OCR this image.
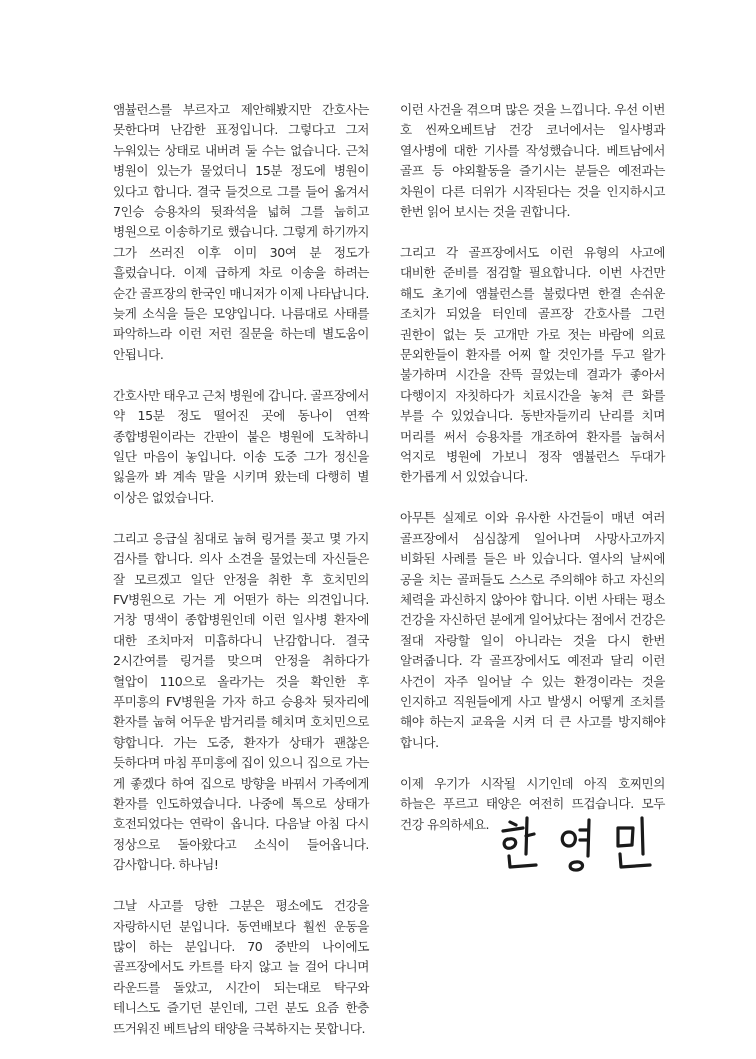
앰뷸런스를 부르자고 제안해봤지만 간호사는 못한다며 난감한 표정입니다. 그렇다고 그저 누워있는 상태로 내버려 둘 수는 없습니다. 근처 병원이 있는가 물었더니 15분 정도에 병원이 있다고 합니다. 결국 들것으로 그를 들어 옮겨서 7인승 승용차의 뒷좌석을 넓혀 그를 눕히고 병원으로 이송하기로 했습니다. 그렇게 하기까지 그가 쓰러진 이후 이미 30여 분 정도가 흘렀습니다. 이제 급하게 차로 이송을 하려는 순간 골프장의 한국인 매니저가 이제 나타납니다. 늦게 소식을 들은 모양입니다. 나름대로 사태를 파악하느라 이런 저런 질문을 하는데 별도움이 안됩니다.

간호사만 태우고 근처 병원에 갑니다. 골프장에서 약 15분 정도 떨어진 곳에 동나이 연짝 종합병원이라는 간판이 붙은 병원에 도착하니 일단 마음이 놓입니다. 이송 도중 그가 정신을 잃을까 봐 계속 말을 시키며 왔는데 다행히 별 이상은 없었습니다.

그리고 응급실 침대로 눕혀 링거를 꽂고 몇 가지 검사를 합니다. 의사 소견을 물었는데 자신들은 잘 모르겠고 일단 안정을 취한 후 호치민의 FV병원으로 가는 게 어떤가 하는 의견입니다. 거창 명색이 종합병원인데 이런 일사병 환자에 대한 조치마저 미흡하다니 난감합니다. 결국 2시간여를 링거를 맞으며 안정을 취하다가 혈압이 110으로 올라가는 것을 확인한 후 푸미흥의 FV병원을 가자 하고 승용차 뒷자리에 환자를 눕혀 어두운 밤거리를 헤치며 호치민으로 향합니다. 가는 도중, 환자가 상태가 괜찮은 듯하다며 마침 푸미흥에 집이 있으니 집으로 가는 게 좋겠다 하여 집으로 방향을 바꿔서 가족에게 환자를 인도하였습니다. 나중에 톡으로 상태가 호전되었다는 연락이 옵니다. 다음날 아침 다시 정상으로 돌아왔다고 소식이 들어옵니다. 감사합니다. 하나님!

그날 사고를 당한 그분은 평소에도 건강을 자랑하시던 분입니다. 동연배보다 훨씬 운동을 많이 하는 분입니다. 70 중반의 나이에도 골프장에서도 카트를 타지 않고 늘 걸어 다니며 라운드를 돌았고, 시간이 되는대로 탁구와 테니스도 즐기던 분인데, 그런 분도 요즘 한층 뜨거워진 베트남의 태양을 극복하지는 못합니다.

이런 사건을 겪으며 많은 것을 느낍니다. 우선 이번 호 씬짜오베트남 건강 코너에서는 일사병과 열사병에 대한 기사를 작성했습니다. 베트남에서 골프 등 야외활동을 즐기시는 분들은 예전과는 차원이 다른 더위가 시작된다는 것을 인지하시고 한번 읽어 보시는 것을 권합니다.

그리고 각 골프장에서도 이런 유형의 사고에 대비한 준비를 점검할 필요합니다. 이번 사건만 해도 초기에 앰뷸런스를 불렀다면 한결 손쉬운 조치가 되었을 터인데 골프장 간호사를 그런 권한이 없는 듯 고개만 가로 젓는 바람에 의료 문외한들이 환자를 어찌 할 것인가를 두고 왈가 불가하며 시간을 잔뜩 끌었는데 결과가 좋아서 다행이지 자칫하다가 치료시간을 놓쳐 큰 화를 부를 수 있었습니다. 동반자들끼리 난리를 치며 머리를 써서 승용차를 개조하여 환자를 눕혀서 억지로 병원에 가보니 정작 앰뷸런스 두대가 한가롭게 서 있었습니다.

아무튼 실제로 이와 유사한 사건들이 매년 여러 골프장에서 심심찮게 일어나며 사망사고까지 비화된 사례를 들은 바 있습니다. 열사의 날씨에 공을 치는 골퍼들도 스스로 주의해야 하고 자신의 체력을 과신하지 않아야 합니다. 이번 사태는 평소 건강을 자신하던 분에게 일어났다는 점에서 건강은 절대 자랑할 일이 아니라는 것을 다시 한번 알려줍니다. 각 골프장에서도 예전과 달리 이런 사건이 자주 일어날 수 있는 환경이라는 것을 인지하고 직원들에게 사고 발생시 어떻게 조치를 해야 하는지 교육을 시켜 더 큰 사고를 방지해야 합니다.

이제 우기가 시작될 시기인데 아직 호찌민의 하늘은 푸르고 태양은 여전히 뜨겁습니다. 모두 건강 유의하세요.
